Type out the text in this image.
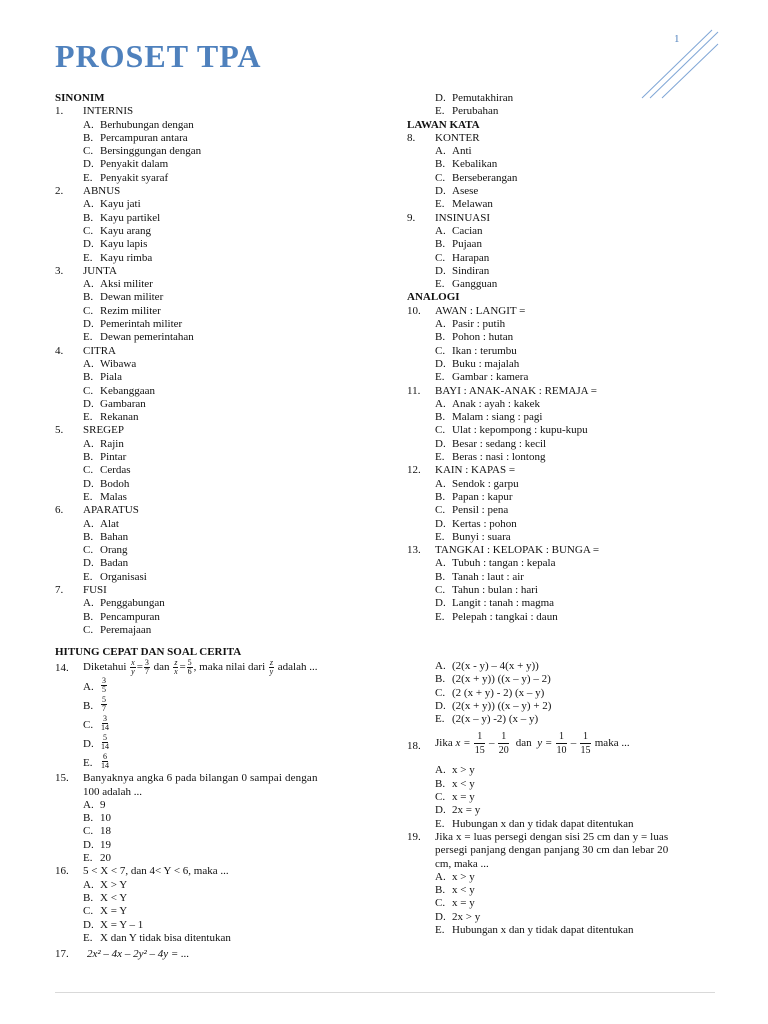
PROSET TPA	1
SINONIM
1. INTERNIS
A. Berhubungan dengan
B. Percampuran antara
C. Bersinggungan dengan
D. Penyakit dalam
E. Penyakit syaraf
2. ABNUS
A. Kayu jati
B. Kayu partikel
C. Kayu arang
D. Kayu lapis
E. Kayu rimba
3. JUNTA
A. Aksi militer
B. Dewan militer
C. Rezim militer
D. Pemerintah militer
E. Dewan pemerintahan
4. CITRA
A. Wibawa
B. Piala
C. Kebanggaan
D. Gambaran
E. Rekanan
5. SREGEP
A. Rajin
B. Pintar
C. Cerdas
D. Bodoh
E. Malas
6. APARATUS
A. Alat
B. Bahan
C. Orang
D. Badan
E. Organisasi
7. FUSI
A. Penggabungan
B. Pencampuran
C. Peremajaan
D. Pemutakhiran
E. Perubahan
LAWAN KATA
8. KONTER
A. Anti
B. Kebalikan
C. Berseberangan
D. Asese
E. Melawan
9. INSINUASI
A. Cacian
B. Pujaan
C. Harapan
D. Sindiran
E. Gangguan
ANALOGI
10. AWAN : LANGIT =
A. Pasir : putih
B. Pohon : hutan
C. Ikan : terumbu
D. Buku : majalah
E. Gambar : kamera
11. BAYI : ANAK-ANAK : REMAJA =
A. Anak : ayah : kakek
B. Malam : siang : pagi
C. Ulat : kepompong : kupu-kupu
D. Besar : sedang : kecil
E. Beras : nasi : lontong
12. KAIN : KAPAS =
A. Sendok : garpu
B. Papan : kapur
C. Pensil : pena
D. Kertas : pohon
E. Bunyi : suara
13. TANGKAI : KELOPAK : BUNGA =
A. Tubuh : tangan : kepala
B. Tanah : laut : air
C. Tahun : bulan : hari
D. Langit : tanah : magma
E. Pelepah : tangkai : daun
HITUNG CEPAT DAN SOAL CERITA
14. Diketahui $\frac{x}{y} = \frac{3}{7}$ dan $\frac{z}{x} = \frac{5}{6}$ , maka nilai dari $\frac{z}{y}$ adalah ...
A. $\frac{3}{5}$
B. $\frac{5}{7}$
C. $\frac{3}{14}$
D. $\frac{5}{14}$
E. $\frac{6}{14}$
15. Banyaknya angka 6 pada bilangan 0 sampai dengan
100 adalah ...
A. 9
B. 10
C. 18
D. 19
E. 20
16. 5 < X < 7, dan 4< Y < 6, maka ...
A. X > Y
B. X < Y
C. X = Y
D. X = Y – 1
E. X dan Y tidak bisa ditentukan
17. 2x² – 4x – 2y² – 4y = ...
A. (2(x - y) – 4(x + y))
B. (2(x + y)) ((x – y) – 2)
C. (2 (x + y) - 2) (x – y)
D. (2(x + y)) ((x – y) + 2)
E. (2(x – y) -2) (x – y)
18. Jika $x = \frac{1}{15} - \frac{1}{20}$ dan $y = \frac{1}{10} - \frac{1}{15}$ maka ...
A. x > y
B. x < y
C. x = y
D. 2x = y
E. Hubungan x dan y tidak dapat ditentukan
19. Jika x = luas persegi dengan sisi 25 cm dan y = luas
persegi panjang dengan panjang 30 cm dan lebar 20
cm, maka ...
A. x > y
B. x < y
C. x = y
D. 2x > y
E. Hubungan x dan y tidak dapat ditentukan
